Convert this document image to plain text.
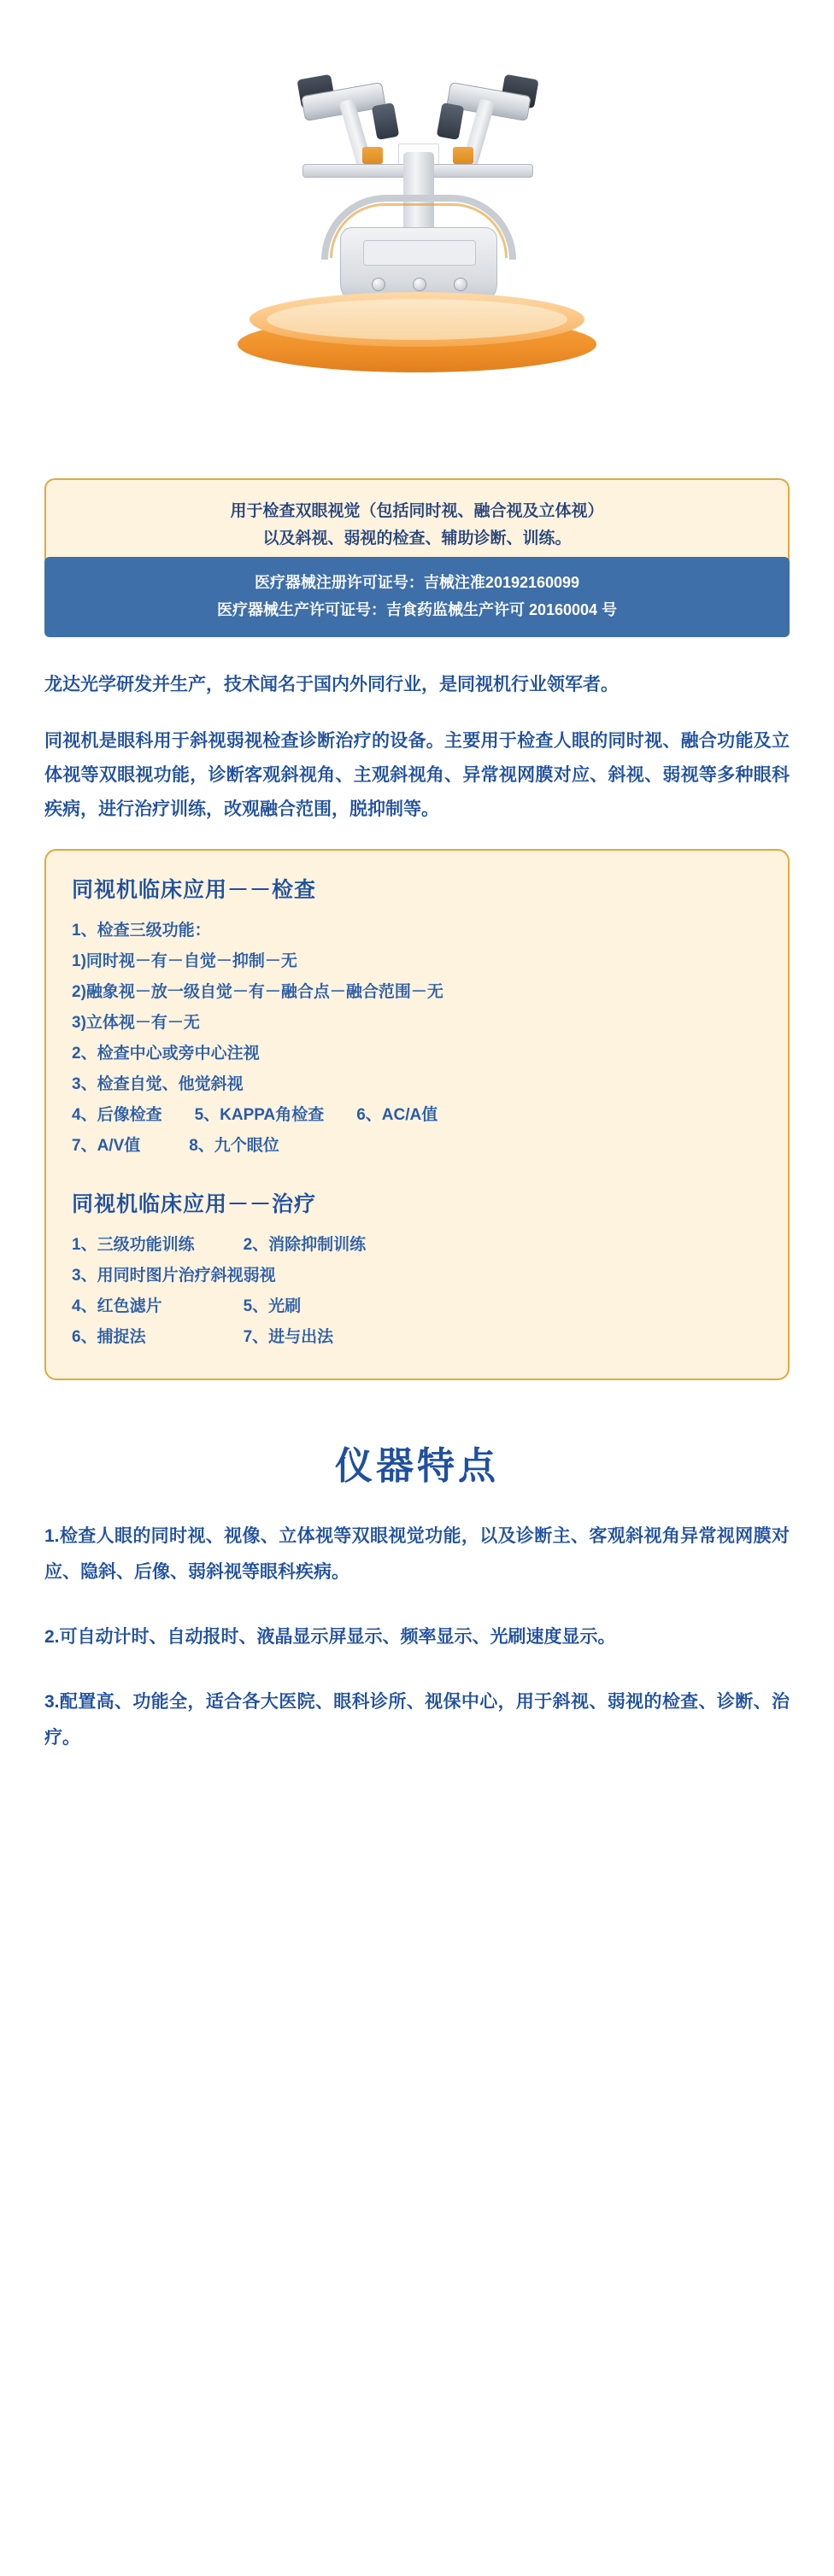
用于检查双眼视觉（包括同时视、融合视及立体视）

以及斜视、弱视的检查、辅助诊断、训练。

医疗器械注册许可证号：吉械注准20192160099
医疗器械生产许可证号：吉食药监械生产许可 20160004 号

龙达光学研发并生产，技术闻名于国内外同行业，是同视机行业领军者。

同视机是眼科用于斜视弱视检查诊断治疗的设备。主要用于检查人眼的同时视、融合功能及立体视等双眼视功能，诊断客观斜视角、主观斜视角、异常视网膜对应、斜视、弱视等多种眼科疾病，进行治疗训练，改观融合范围，脱抑制等。

同视机临床应用－－检查
1、检查三级功能：
1)同时视－有－自觉－抑制－无
2)融象视－放一级自觉－有－融合点－融合范围－无
3)立体视－有－无
2、检查中心或旁中心注视
3、检查自觉、他觉斜视
4、后像检查　　5、KAPPA角检查　　6、AC/A值
7、A/V值　　　8、九个眼位
同视机临床应用－－治疗
1、三级功能训练　　　2、消除抑制训练
3、用同时图片治疗斜视弱视
4、红色滤片　　　　　5、光刷
6、捕捉法　　　　　　7、进与出法
仪器特点

1.检查人眼的同时视、视像、立体视等双眼视觉功能，以及诊断主、客观斜视角异常视网膜对应、隐斜、后像、弱斜视等眼科疾病。

2.可自动计时、自动报时、液晶显示屏显示、频率显示、光刷速度显示。

3.配置高、功能全，适合各大医院、眼科诊所、视保中心，用于斜视、弱视的检查、诊断、治疗。
